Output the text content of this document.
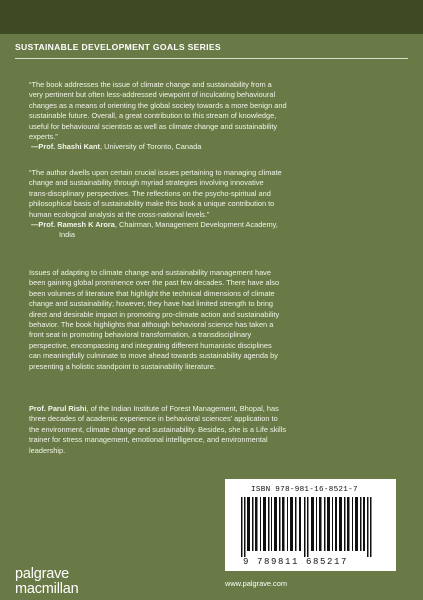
SUSTAINABLE DEVELOPMENT GOALS SERIES

“The book addresses the issue of climate change and sustainability from a
very pertinent but often less-addressed viewpoint of inculcating behavioural
changes as a means of orienting the global society towards a more benign and
sustainable future. Overall, a great contribution to this stream of knowledge,
useful for behavioural scientists as well as climate change and sustainability
experts.”

—Prof. Shashi Kant, University of Toronto, Canada

“The author dwells upon certain crucial issues pertaining to managing climate
change and sustainability through myriad strategies involving innovative
trans-disciplinary perspectives. The reflections on the psycho-spiritual and
philosophical basis of sustainability make this book a unique contribution to
human ecological analysis at the cross-national levels.”

—Prof. Ramesh K Arora, Chairman, Management Development Academy,
India

Issues of adapting to climate change and sustainability management have
been gaining global prominence over the past few decades. There have also
been volumes of literature that highlight the technical dimensions of climate
change and sustainability; however, they have had limited strength to bring
direct and desirable impact in promoting pro-climate action and sustainability
behavior. The book highlights that although behavioral science has taken a
front seat in promoting behavioral transformation, a transdisciplinary
perspective, encompassing and integrating different humanistic disciplines
can meaningfully culminate to move ahead towards sustainability agenda by
presenting a holistic standpoint to sustainability literature.

Prof. Parul Rishi, of the Indian Institute of Forest Management, Bhopal, has
three decades of academic experience in behavioral sciences’ application to
the environment, climate change and sustainability. Besides, she is a Life skills
trainer for stress management, emotional intelligence, and environmental
leadership.
ISBN 978-981-16-8521-7
9 789811 685217
www.palgrave.com
palgrave
macmillan
